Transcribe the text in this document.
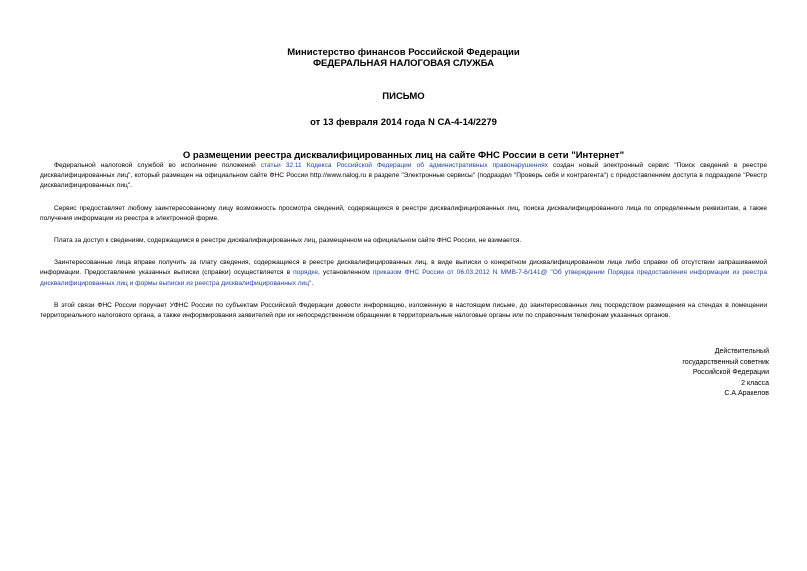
Министерство финансов Российской Федерации
ФЕДЕРАЛЬНАЯ НАЛОГОВАЯ СЛУЖБА
ПИСЬМО
от 13 февраля 2014 года N СА-4-14/2279
О размещении реестра дисквалифицированных лиц на сайте ФНС России в сети "Интернет"

Федеральной налоговой службой во исполнение положений статьи 32.11 Кодекса Российской Федерации об административных правонарушениях создан новый электронный сервис "Поиск сведений в реестре дисквалифицированных лиц", который размещен на официальном сайте ФНС России http://www.nalog.ru в разделе "Электронные сервисы" (подраздел "Проверь себя и контрагента") с предоставлением доступа в подразделе "Реестр дисквалифицированных лиц".

Сервис предоставляет любому заинтересованному лицу возможность просмотра сведений, содержащихся в реестре дисквалифицированных лиц, поиска дисквалифицированного лица по определенным реквизитам, а также получения информации из реестра в электронной форме.

Плата за доступ к сведениям, содержащимся в реестре дисквалифицированных лиц, размещенном на официальном сайте ФНС России, не взимается.

Заинтересованные лица вправе получить за плату сведения, содержащиеся в реестре дисквалифицированных лиц, в виде выписки о конкретном дисквалифицированном лице либо справки об отсутствии запрашиваемой информации. Предоставление указанных выписки (справки) осуществляется в порядке, установленном приказом ФНС России от 06.03.2012 N ММВ-7-6/141@ "Об утверждении Порядка предоставления информации из реестра дисквалифицированных лиц и формы выписки из реестра дисквалифицированных лиц".

В этой связи ФНС России поручает УФНС России по субъектам Российской Федерации довести информацию, изложенную в настоящем письме, до заинтересованных лиц посредством размещения на стендах в помещении территориального налогового органа, а также информирования заявителей при их непосредственном обращении в территориальные налоговые органы или по справочным телефонам указанных органов.

Действительный
государственный советник
Российской Федерации
2 класса
С.А.Аракелов
